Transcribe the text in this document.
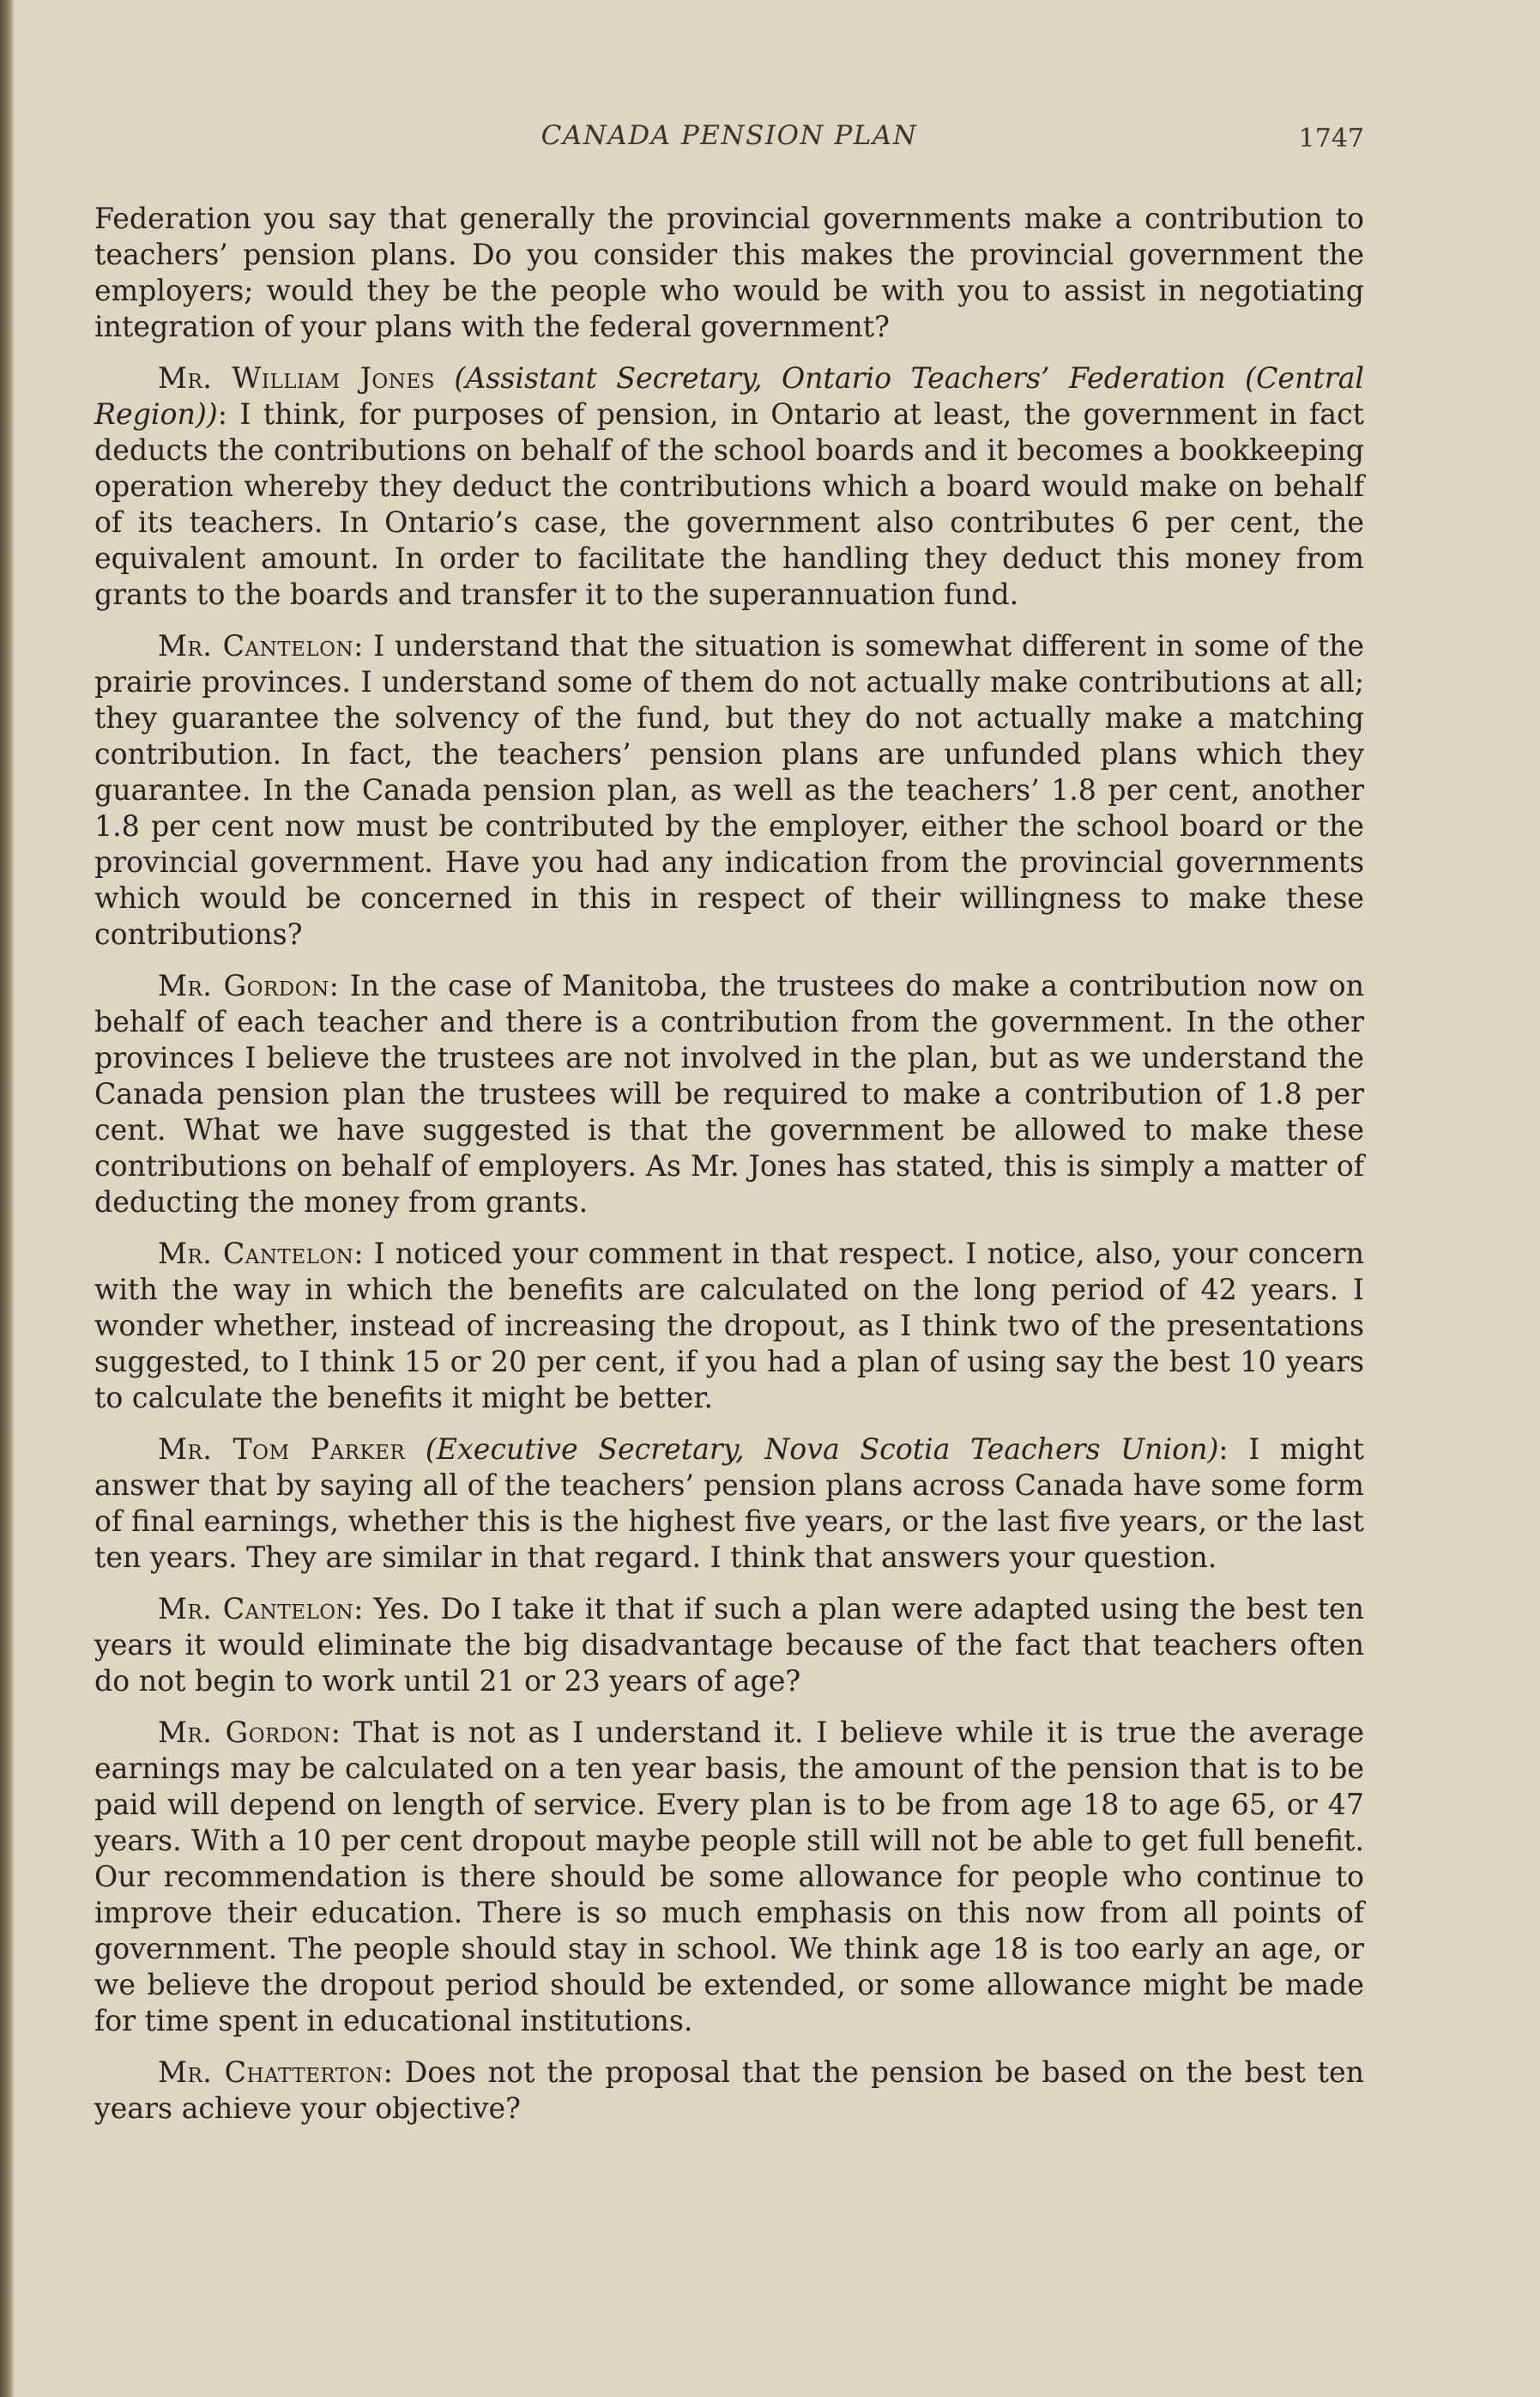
CANADA PENSION PLAN	1747

Federation you say that generally the provincial governments make a contribution to teachers’ pension plans. Do you consider this makes the provincial government the employers; would they be the people who would be with you to assist in negotiating integration of your plans with the federal government?

Mr. William Jones (Assistant Secretary, Ontario Teachers’ Federation (Central Region)): I think, for purposes of pension, in Ontario at least, the government in fact deducts the contributions on behalf of the school boards and it becomes a bookkeeping operation whereby they deduct the contributions which a board would make on behalf of its teachers. In Ontario’s case, the government also contributes 6 per cent, the equivalent amount. In order to facilitate the handling they deduct this money from grants to the boards and transfer it to the superannuation fund.

Mr. Cantelon: I understand that the situation is somewhat different in some of the prairie provinces. I understand some of them do not actually make contributions at all; they guarantee the solvency of the fund, but they do not actually make a matching contribution. In fact, the teachers’ pension plans are unfunded plans which they guarantee. In the Canada pension plan, as well as the teachers’ 1.8 per cent, another 1.8 per cent now must be contributed by the employer, either the school board or the provincial government. Have you had any indication from the provincial governments which would be concerned in this in respect of their willingness to make these contributions?

Mr. Gordon: In the case of Manitoba, the trustees do make a contribution now on behalf of each teacher and there is a contribution from the government. In the other provinces I believe the trustees are not involved in the plan, but as we understand the Canada pension plan the trustees will be required to make a contribution of 1.8 per cent. What we have suggested is that the government be allowed to make these contributions on behalf of employers. As Mr. Jones has stated, this is simply a matter of deducting the money from grants.

Mr. Cantelon: I noticed your comment in that respect. I notice, also, your concern with the way in which the benefits are calculated on the long period of 42 years. I wonder whether, instead of increasing the dropout, as I think two of the presentations suggested, to I think 15 or 20 per cent, if you had a plan of using say the best 10 years to calculate the benefits it might be better.

Mr. Tom Parker (Executive Secretary, Nova Scotia Teachers Union): I might answer that by saying all of the teachers’ pension plans across Canada have some form of final earnings, whether this is the highest five years, or the last five years, or the last ten years. They are similar in that regard. I think that answers your question.

Mr. Cantelon: Yes. Do I take it that if such a plan were adapted using the best ten years it would eliminate the big disadvantage because of the fact that teachers often do not begin to work until 21 or 23 years of age?

Mr. Gordon: That is not as I understand it. I believe while it is true the average earnings may be calculated on a ten year basis, the amount of the pension that is to be paid will depend on length of service. Every plan is to be from age 18 to age 65, or 47 years. With a 10 per cent dropout maybe people still will not be able to get full benefit. Our recommendation is there should be some allowance for people who continue to improve their education. There is so much emphasis on this now from all points of government. The people should stay in school. We think age 18 is too early an age, or we believe the dropout period should be extended, or some allowance might be made for time spent in educational institutions.

Mr. Chatterton: Does not the proposal that the pension be based on the best ten years achieve your objective?
